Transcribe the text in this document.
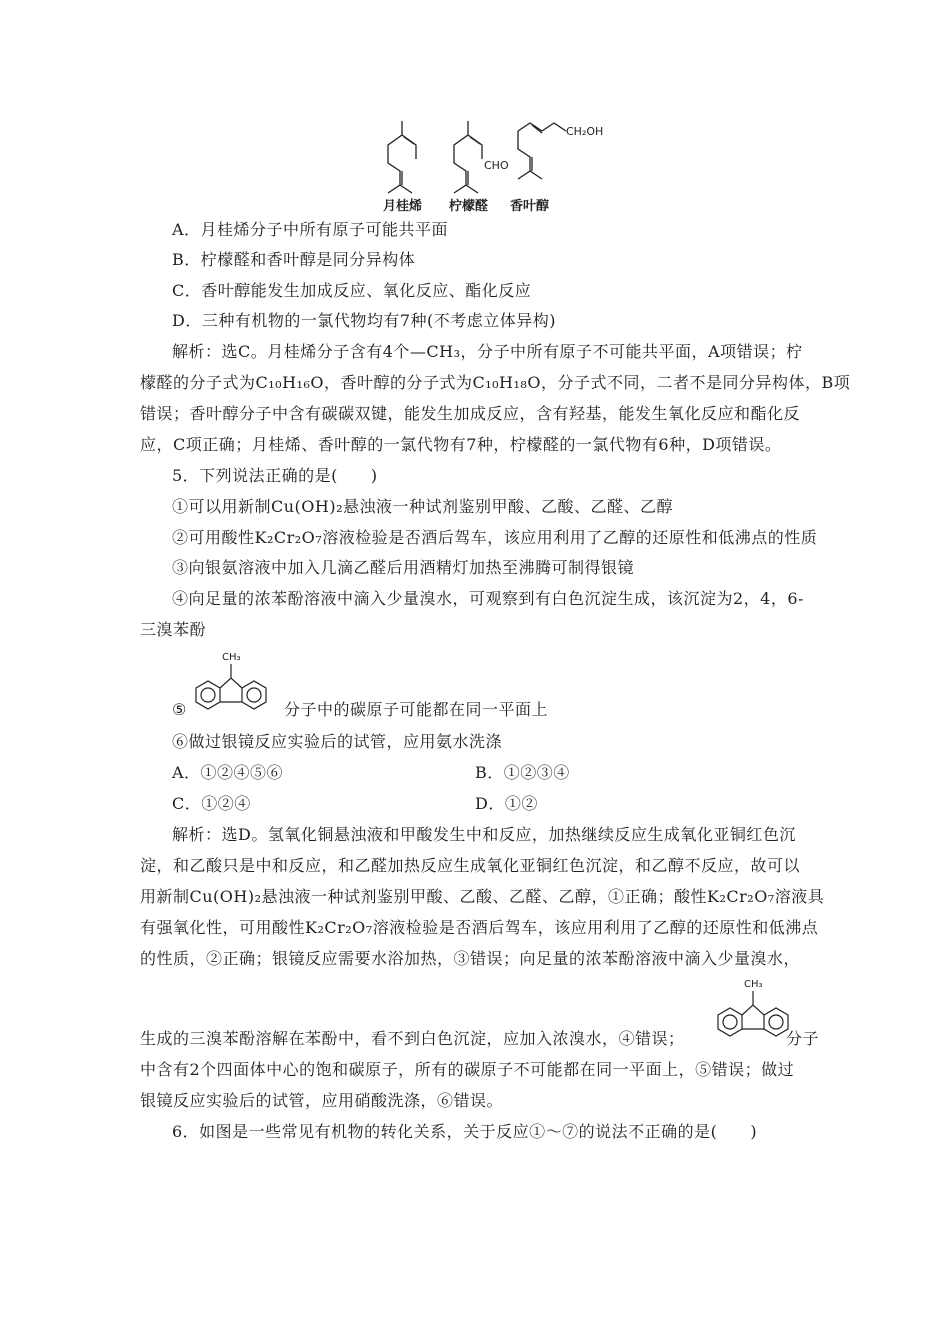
CHO
CH₂OH
月桂烯 柠檬醛 香叶醇
A．月桂烯分子中所有原子可能共平面
B．柠檬醛和香叶醇是同分异构体
C．香叶醇能发生加成反应、氧化反应、酯化反应
D．三种有机物的一氯代物均有7种(不考虑立体异构)
解析：选C。月桂烯分子含有4个—CH₃，分子中所有原子不可能共平面，A项错误；柠
檬醛的分子式为C₁₀H₁₆O，香叶醇的分子式为C₁₀H₁₈O，分子式不同，二者不是同分异构体，B项
错误；香叶醇分子中含有碳碳双键，能发生加成反应，含有羟基，能发生氧化反应和酯化反
应，C项正确；月桂烯、香叶醇的一氯代物有7种，柠檬醛的一氯代物有6种，D项错误。
5．下列说法正确的是(　　)
①可以用新制Cu(OH)₂悬浊液一种试剂鉴别甲酸、乙酸、乙醛、乙醇
②可用酸性K₂Cr₂O₇溶液检验是否酒后驾车，该应用利用了乙醇的还原性和低沸点的性质
③向银氨溶液中加入几滴乙醛后用酒精灯加热至沸腾可制得银镜
④向足量的浓苯酚溶液中滴入少量溴水，可观察到有白色沉淀生成，该沉淀为2，4，6-
三溴苯酚
⑤
CH₃
分子中的碳原子可能都在同一平面上
⑥做过银镜反应实验后的试管，应用氨水洗涤
A．①②④⑤⑥	B．①②③④
C．①②④	D．①②
解析：选D。氢氧化铜悬浊液和甲酸发生中和反应，加热继续反应生成氧化亚铜红色沉
淀，和乙酸只是中和反应，和乙醛加热反应生成氧化亚铜红色沉淀，和乙醇不反应，故可以
用新制Cu(OH)₂悬浊液一种试剂鉴别甲酸、乙酸、乙醛、乙醇，①正确；酸性K₂Cr₂O₇溶液具
有强氧化性，可用酸性K₂Cr₂O₇溶液检验是否酒后驾车，该应用利用了乙醇的还原性和低沸点
的性质，②正确；银镜反应需要水浴加热，③错误；向足量的浓苯酚溶液中滴入少量溴水，
生成的三溴苯酚溶解在苯酚中，看不到白色沉淀，应加入浓溴水，④错误；
CH₃
分子
中含有2个四面体中心的饱和碳原子，所有的碳原子不可能都在同一平面上，⑤错误；做过
银镜反应实验后的试管，应用硝酸洗涤，⑥错误。
6．如图是一些常见有机物的转化关系，关于反应①～⑦的说法不正确的是(　　)
